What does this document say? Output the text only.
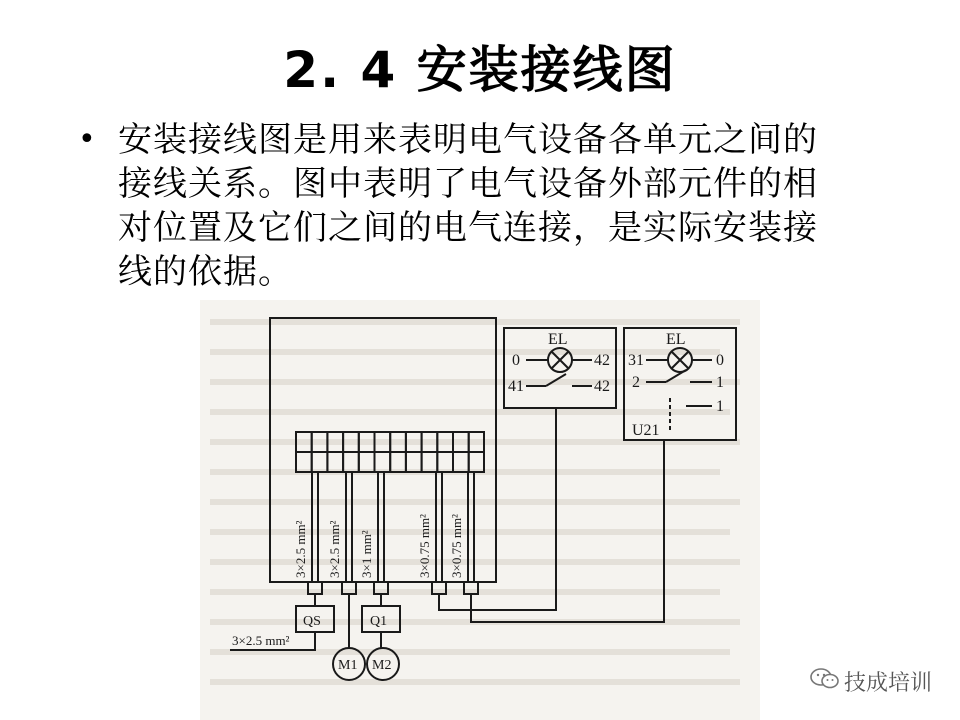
2. 4 安装接线图
• 安装接线图是用来表明电气设备各单元之间的
接线关系。图中表明了电气设备外部元件的相
对位置及它们之间的电气连接，是实际安装接
线的依据。
EL	EL
0	42
41	42
31	0
2	1
1
U21
3×2.5 mm² 3×2.5 mm² 3×1 mm²	3×0.75 mm² 3×0.75 mm²
QS	Q1
M1 M2
3×2.5 mm²
技成培训
